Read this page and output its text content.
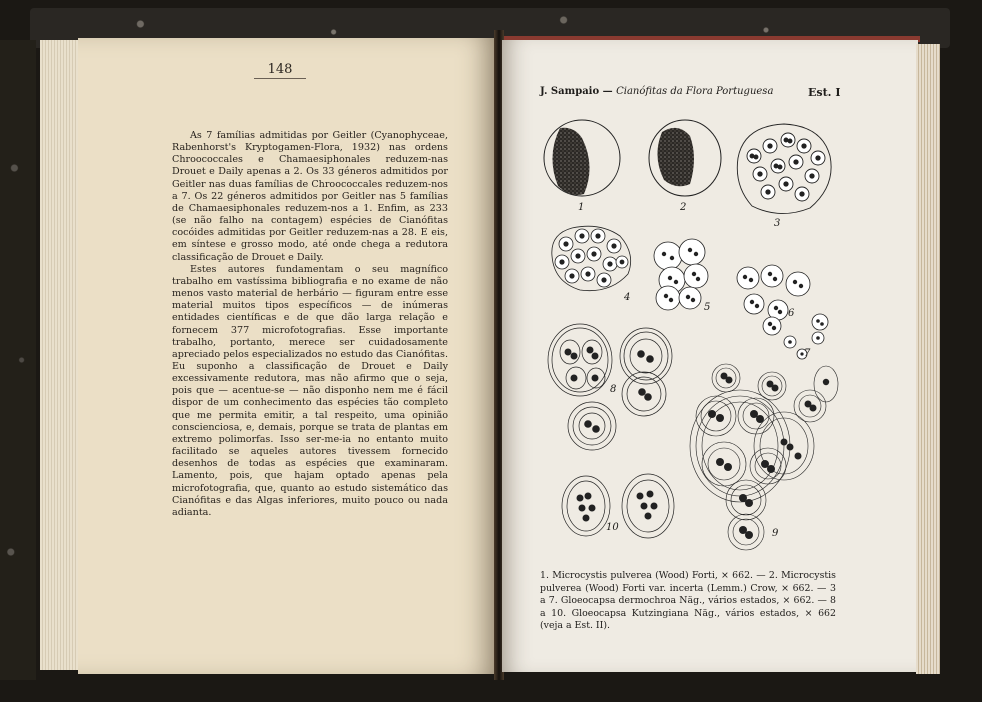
148

As 7 famílias admitidas por Geitler (Cyanophyceae, Rabenhorst's Kryptogamen-Flora, 1932) nas ordens Chroococcales e Chamaesiphonales reduzem-nas Drouet e Daily apenas a 2. Os 33 géneros admitidos por Geitler nas duas famílias de Chroococcales reduzem-nos a 7. Os 22 géneros admitidos por Geitler nas 5 famílias de Chamaesiphonales reduzem-nos a 1. Enfim, as 233 (se não falho na contagem) espécies de Cianófitas cocóides admitidas por Geitler reduzem-nas a 28. E eis, em síntese e grosso modo, até onde chega a redutora classificação de Drouet e Daily.

Estes autores fundamentam o seu magnífico trabalho em vastíssima bibliografia e no exame de não menos vasto material de herbário — figuram entre esse material muitos tipos específicos — de inúmeras entidades científicas e de que dão larga relação e fornecem 377 microfotografias. Esse importante trabalho, portanto, merece ser cuidadosamente apreciado pelos especializados no estudo das Cianófitas. Eu suponho a classificação de Drouet e Daily excessivamente redutora, mas não afirmo que o seja, pois que — acentue-se — não disponho nem me é fácil dispor de um conhecimento das espécies tão completo que me permita emitir, a tal respeito, uma opinião conscienciosa, e, demais, porque se trata de plantas em extremo polimorfas. Isso ser-me-ia no entanto muito facilitado se aqueles autores tivessem fornecido desenhos de todas as espécies que examinaram. Lamento, pois, que hajam optado apenas pela microfotografia, que, quanto ao estudo sistemático das Cianófitas e das Algas inferiores, muito pouco ou nada adianta.

J. Sampaio — Cianófitas da Flora Portuguesa	Est. I
1	2
3
4
5
6
7
8
9
10

1. Microcystis pulverea (Wood) Forti, × 662. — 2. Microcystis pulverea (Wood) Forti var. incerta (Lemm.) Crow, × 662. — 3 a 7. Gloeocapsa dermochroa Näg., vários estados, × 662. — 8 a 10. Gloeocapsa Kutzingiana Näg., vários estados, × 662 (veja a Est. II).
